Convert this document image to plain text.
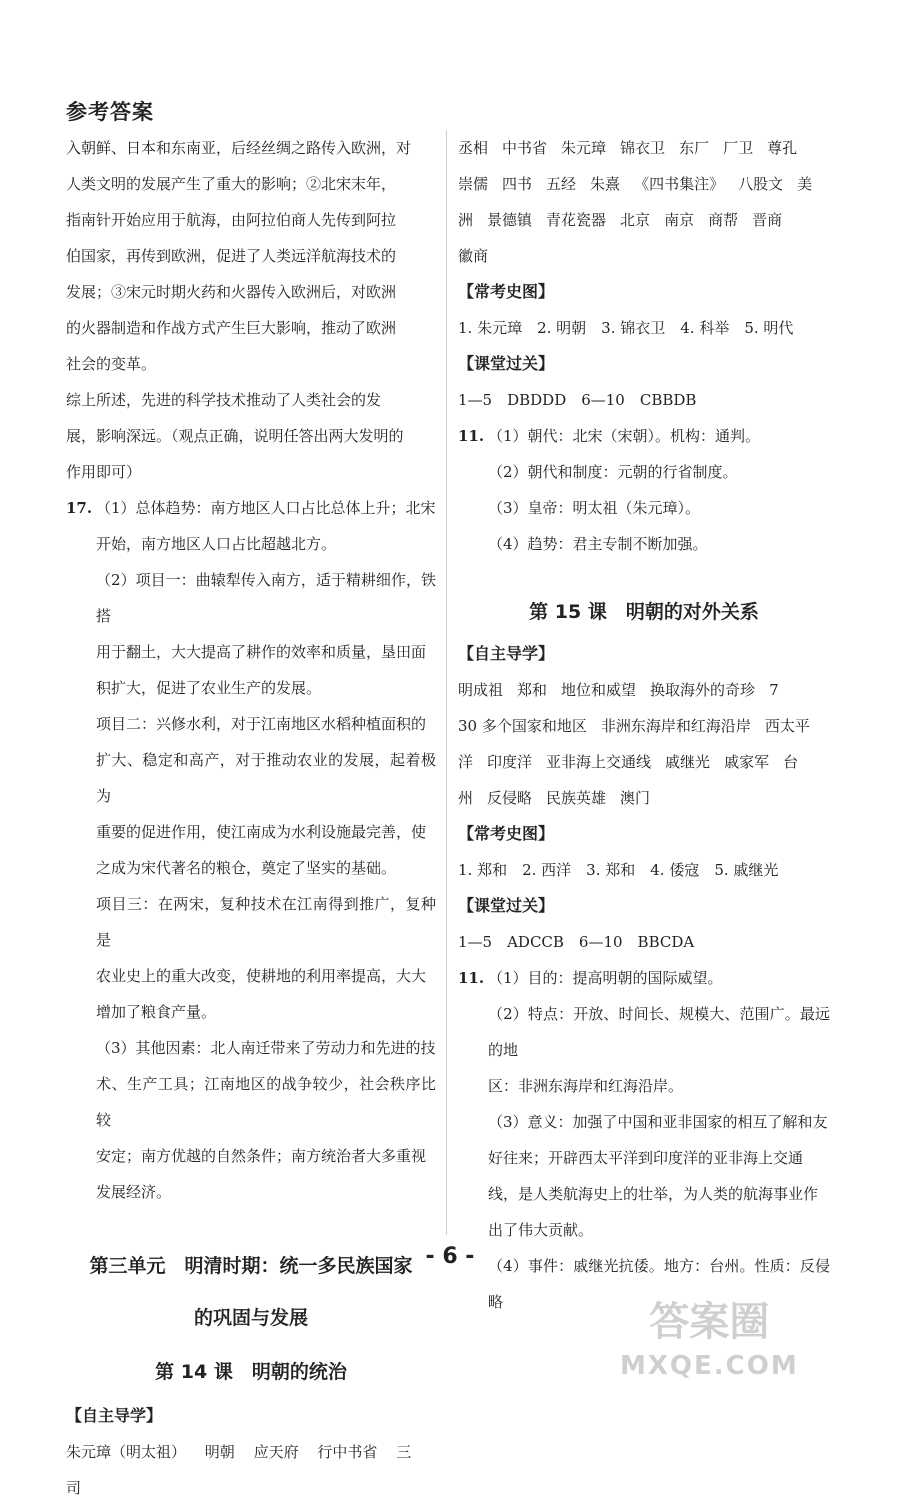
参考答案

入朝鲜、日本和东南亚，后经丝绸之路传入欧洲，对

人类文明的发展产生了重大的影响；②北宋末年，

指南针开始应用于航海，由阿拉伯商人先传到阿拉

伯国家，再传到欧洲，促进了人类远洋航海技术的

发展；③宋元时期火药和火器传入欧洲后，对欧洲

的火器制造和作战方式产生巨大影响，推动了欧洲

社会的变革。

综上所述，先进的科学技术推动了人类社会的发

展，影响深远。（观点正确，说明任答出两大发明的

作用即可）

17. （1）总体趋势：南方地区人口占比总体上升；北宋

开始，南方地区人口占比超越北方。

（2）项目一：曲辕犁传入南方，适于精耕细作，铁搭

用于翻土，大大提高了耕作的效率和质量，垦田面

积扩大，促进了农业生产的发展。

项目二：兴修水利，对于江南地区水稻种植面积的

扩大、稳定和高产，对于推动农业的发展，起着极为

重要的促进作用，使江南成为水利设施最完善，使

之成为宋代著名的粮仓，奠定了坚实的基础。

项目三：在两宋，复种技术在江南得到推广，复种是

农业史上的重大改变，使耕地的利用率提高，大大

增加了粮食产量。

（3）其他因素：北人南迁带来了劳动力和先进的技

术、生产工具；江南地区的战争较少，社会秩序比较

安定；南方优越的自然条件；南方统治者大多重视

发展经济。

第三单元　明清时期：统一多民族国家

的巩固与发展

第 14 课　明朝的统治

【自主导学】

朱元璋（明太祖） 明朝 应天府 行中书省 三司

丞相 中书省 朱元璋 锦衣卫 东厂 厂卫 尊孔

崇儒 四书 五经 朱熹 《四书集注》 八股文 美

洲 景德镇 青花瓷器 北京 南京 商帮 晋商

徽商

【常考史图】

1. 朱元璋　2. 明朝　3. 锦衣卫　4. 科举　5. 明代

【课堂过关】

1—5　DBDDD　6—10　CBBDB

11. （1）朝代：北宋（宋朝）。机构：通判。

（2）朝代和制度：元朝的行省制度。

（3）皇帝：明太祖（朱元璋）。

（4）趋势：君主专制不断加强。

第 15 课　明朝的对外关系

【自主导学】

明成祖 郑和 地位和威望 换取海外的奇珍 7

30 多个国家和地区 非洲东海岸和红海沿岸 西太平

洋 印度洋 亚非海上交通线 戚继光 戚家军 台

州 反侵略 民族英雄 澳门

【常考史图】

1. 郑和　2. 西洋　3. 郑和　4. 倭寇　5. 戚继光

【课堂过关】

1—5　ADCCB　6—10　BBCDA

11. （1）目的：提高明朝的国际威望。

（2）特点：开放、时间长、规模大、范围广。最远的地

区：非洲东海岸和红海沿岸。

（3）意义：加强了中国和亚非国家的相互了解和友

好往来；开辟西太平洋到印度洋的亚非海上交通

线，是人类航海史上的壮举，为人类的航海事业作

出了伟大贡献。

（4）事件：戚继光抗倭。地方：台州。性质：反侵略

- 6 -
答案圈
MXQE.COM
